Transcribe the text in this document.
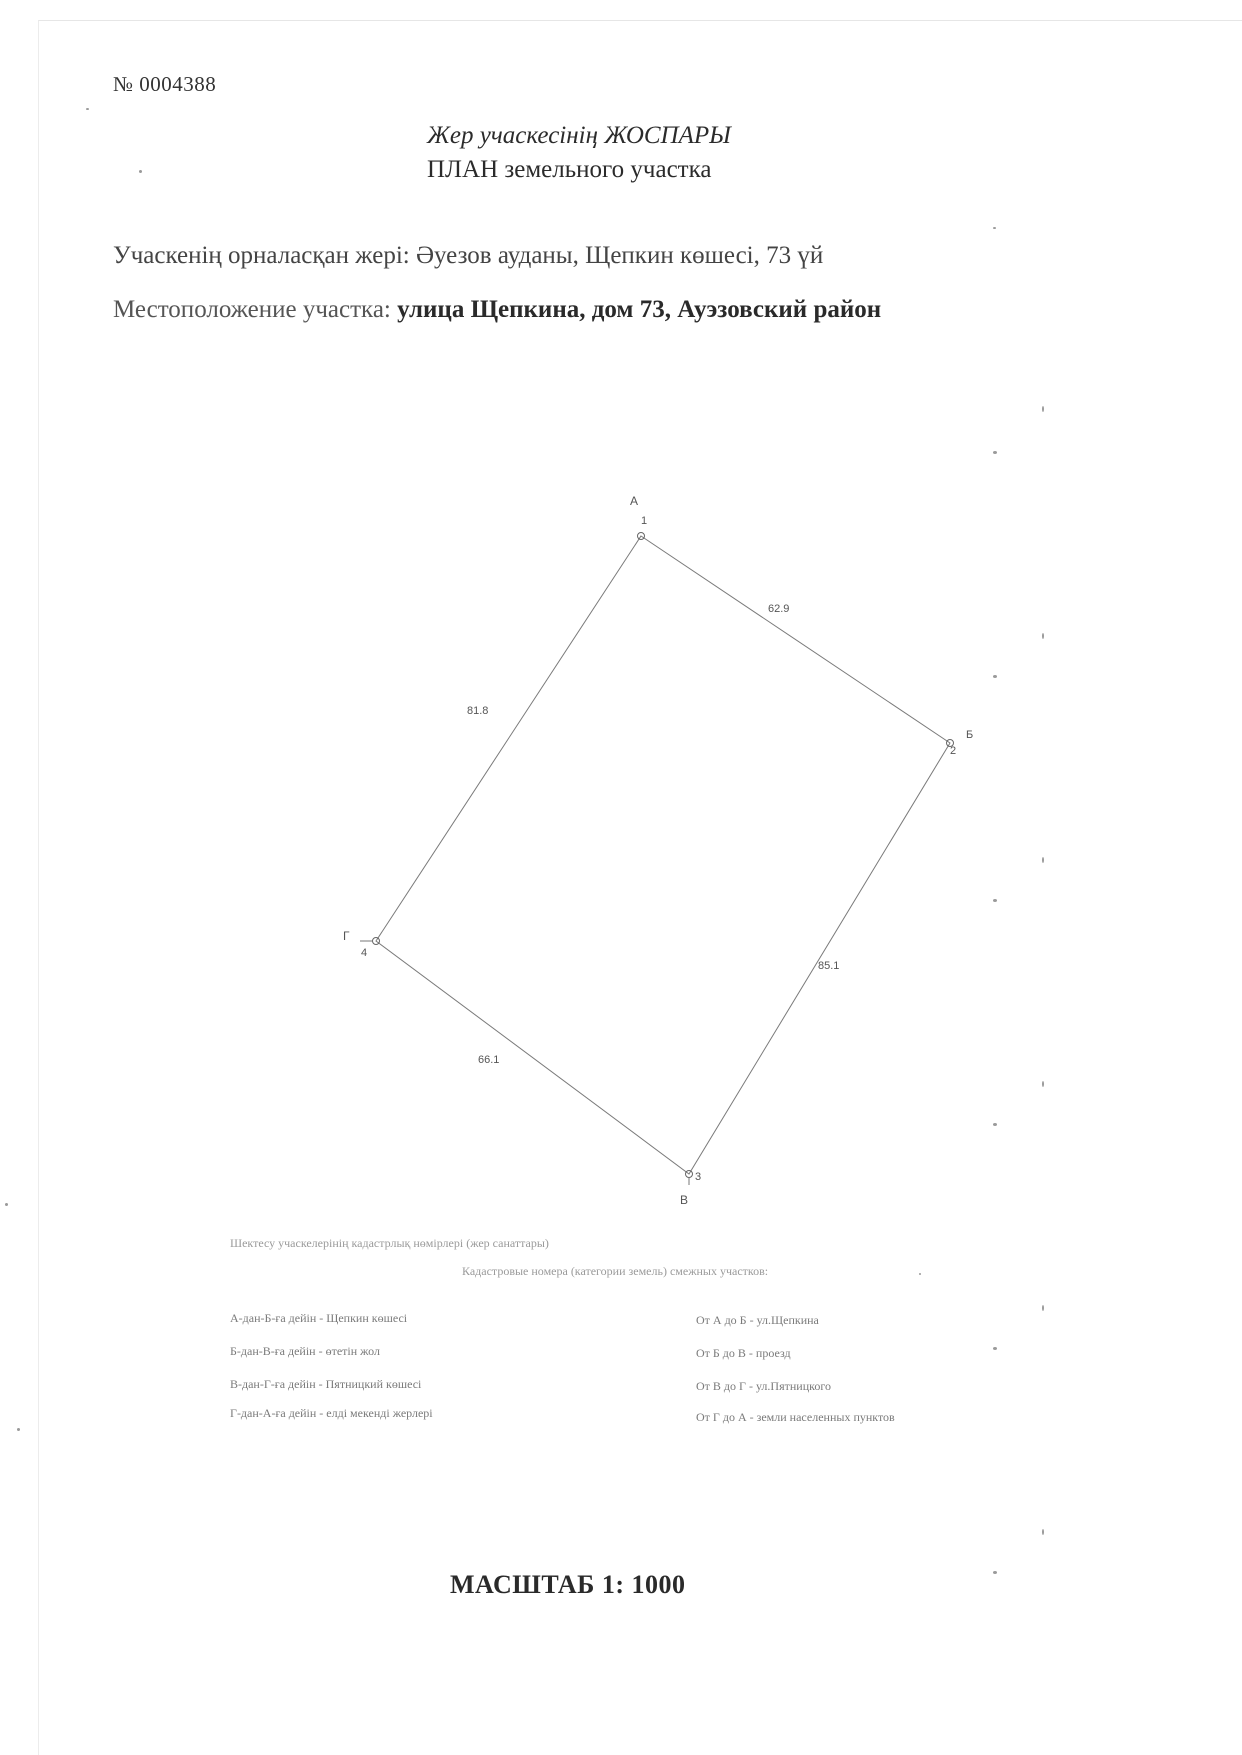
№ 0004388
Жер учаскесінің ЖОСПАРЫ
ПЛАН земельного участка
Учаскенің орналасқан жері: Әуезов ауданы, Щепкин көшесі, 73 үй
Местоположение участка: улица Щепкина, дом 73, Ауэзовский район
А
1
Б
2
3
В
Г
4
62.9
85.1
66.1
81.8
Шектесу учаскелерінің кадастрлық нөмірлері (жер санаттары)
Кадастровые номера (категории земель) смежных участков:
А-дан-Б-ға дейін - Щепкин көшесі
Б-дан-В-ға дейін - өтетін жол
В-дан-Г-ға дейін - Пятницкий көшесі
Г-дан-А-ға дейін - елді мекенді жерлері
От А до Б - ул.Щепкина
От Б до В - проезд
От В до Г - ул.Пятницкого
От Г до А - земли населенных пунктов
МАСШТАБ 1: 1000
